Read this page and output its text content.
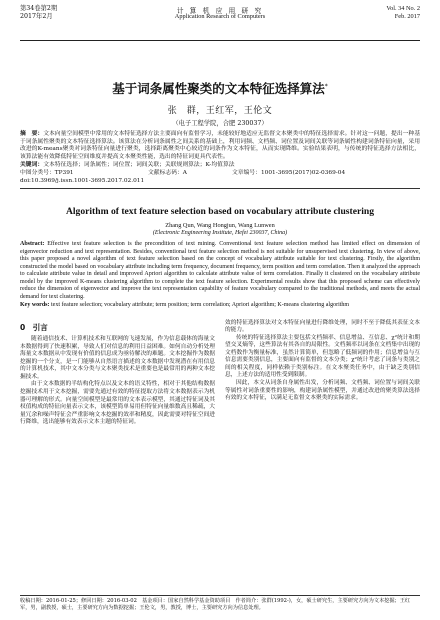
第34卷第2期
2017年2月
计 算 机 应 用 研 究
Application Research of Computers
Vol. 34 No. 2
Feb. 2017
基于词条属性聚类的文本特征选择算法*
张　群，王红军，王伦文
（电子工程学院，合肥 230037）
摘　要：文本向量空间模型中常用的文本特征选择方法主要面向有监督学习，未能较好地适应无监督文本聚类中的特征选择需求。针对这一问题，提出一种基于词条属性聚类的文本特征选择算法。该算法在分析词条属性之间关系的基础上，利用词频、文档频、词位置及词间关联等词条属性构建词条特征向量，采用改进的K-means聚类对词条特征向量进行聚类，选择距离聚类中心较近的词条作为文本特征，从而实现降维。实验结果表明，与传统的特征选择方法相比，该算法能有效降低特征空间维度并提高文本聚类性能，选出的特征词更具代表性。
关键词：文本特征选择；词条属性；词位置；词间关联；关联规则算法；K-均值算法
中图分类号：TP391	文献标志码：A	文章编号：1001-3695(2017)02-0369-04
doi:10.3969/j.issn.1001-3695.2017.02.011
Algorithm of text feature selection based on vocabulary attribute clustering
Zhang Qun, Wang Hongjun, Wang Lunwen
(Electronic Engineering Institute, Hefei 230037, China)
Abstract: Effective text feature selection is the precondition of text mining. Conventional text feature selection method has limited effect on dimension of eigenvector reduction and text representation. Besides, conventional text feature selection method is not suitable for unsupervised text clustering. In view of above, this paper proposed a novel algorithm of text feature selection based on the concept of vocabulary attribute suitable for text clustering. Firstly, the algorithm constructed the model based on vocabulary attribute including term frequency, document frequency, term position and term correlation. Then it analyzed the approach to calculate attribute value in detail and improved Apriori algorithm to calculate attribute value of term correlation. Finally it clustered on the vocabulary attribute model by the improved K-means clustering algorithm to complete the text feature selection. Experimental results show that this proposed scheme can effectively reduce the dimension of eigenvector and improve the text representation capability of feature vocabulary compared to the traditional methods, and meets the actual demand for text clustering.
Key words: text feature selection; vocabulary attribute; term position; term correlation; Apriori algorithm; K-means clustering algorithm
0　引言

随着通信技术、计算机技术和互联网的飞速发展，作为信息载体的海量文本数据得到了快速积累，导致人们对信息的利用日益困难。如何自动分析处理海量文本数据从中发现有价值的信息成为亟待解决的难题。文本挖掘作为数据挖掘的一个分支，是一门能够从自然语言描述的文本数据中发现潜在有用信息的计算机技术，其中文本分类与文本聚类技术是重要也是最常用的两种文本挖掘技术。

由于文本数据的半结构化特点以及文本的语义特性，相对于其他结构数据挖掘技术用于文本挖掘，需要先通过有效的特征提取方法将文本数据表示为机器可理解的形式。向量空间模型是最常用的文本表示模型，其通过特征词及其权值构成的特征向量表示文本，该模型简单易用但特征向量维数高且稀疏，大量冗余和噪声特征会严重影响文本挖掘的效率和精度，因此需要对特征空间进行降维，选出能够有效表示文本主题的特征词。

效的特征选择算法对文本特征向量进行降维处理，同时不至于降低其表征文本的能力。

传统的特征选择算法主要包括文档频率、信息增益、互信息、χ²统计和期望交叉熵等，这些算法有其各自的局限性。文档频率以词条在文档集中出现的文档数作为衡量标准，虽然计算简单，但忽略了低频词的作用；信息增益与互信息需要类别信息，主要面向有监督的文本分类；χ²统计考虑了词条与类别之间的相关程度，同样依赖于类别标注。在文本聚类任务中，由于缺乏类别信息，上述方法的适用性受到限制。

因此，本文从词条自身属性出发，分析词频、文档频、词位置与词间关联等属性对词条重要性的影响，构建词条属性模型，并通过改进的聚类算法选择有效的文本特征，以满足无监督文本聚类的实际需求。

收稿日期：2016-01-25；修回日期：2016-03-02　基金项目：国家自然科学基金资助项目　作者简介：张群(1992-)，女，硕士研究生，主要研究方向为文本挖掘；王红军，男，副教授，硕士，主要研究方向为数据挖掘；王伦文，男，教授，博士，主要研究方向为信息处理。
